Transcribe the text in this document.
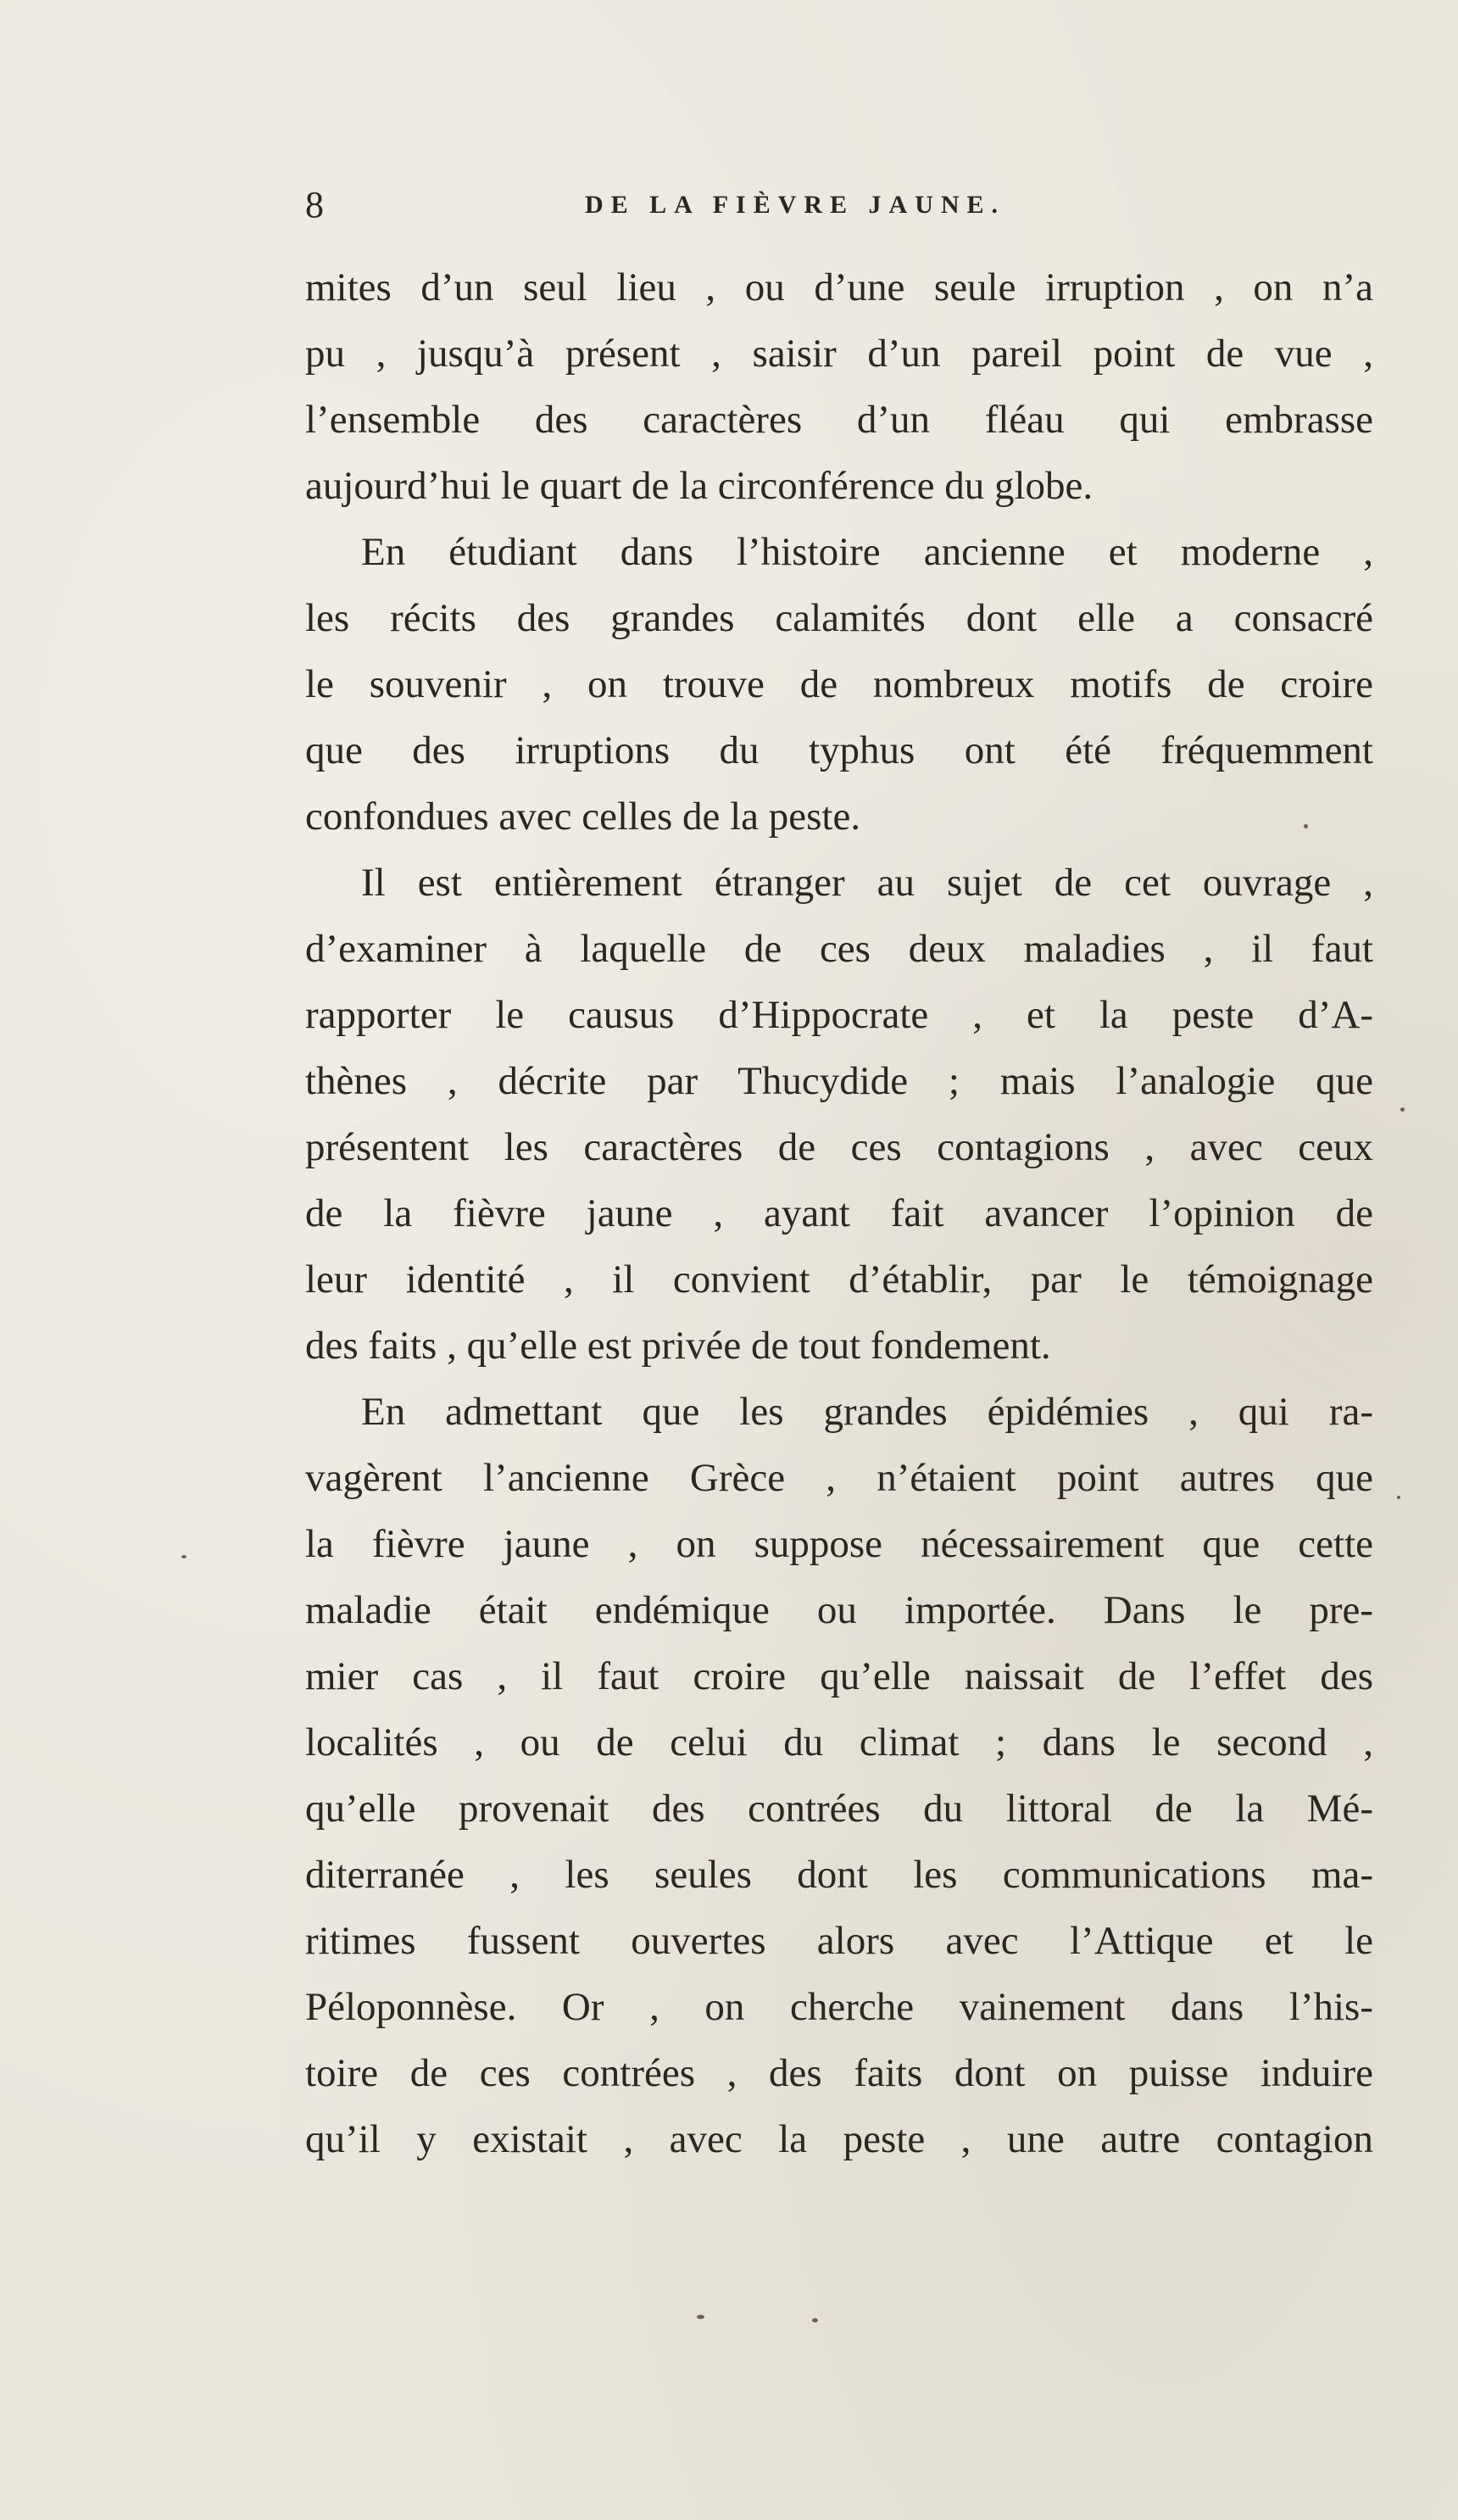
8	DE LA FIÈVRE JAUNE.
mites d’un seul lieu , ou d’une seule irruption , on n’a
pu , jusqu’à présent , saisir d’un pareil point de vue ,
l’ensemble des caractères d’un fléau qui embrasse
aujourd’hui le quart de la circonférence du globe.
En étudiant dans l’histoire ancienne et moderne ,
les récits des grandes calamités dont elle a consacré
le souvenir , on trouve de nombreux motifs de croire
que des irruptions du typhus ont été fréquemment
confondues avec celles de la peste.
Il est entièrement étranger au sujet de cet ouvrage ,
d’examiner à laquelle de ces deux maladies , il faut
rapporter le causus d’Hippocrate , et la peste d’A-
thènes , décrite par Thucydide ; mais l’analogie que
présentent les caractères de ces contagions , avec ceux
de la fièvre jaune , ayant fait avancer l’opinion de
leur identité , il convient d’établir, par le témoignage
des faits , qu’elle est privée de tout fondement.
En admettant que les grandes épidémies , qui ra-
vagèrent l’ancienne Grèce , n’étaient point autres que
la fièvre jaune , on suppose nécessairement que cette
maladie était endémique ou importée. Dans le pre-
mier cas , il faut croire qu’elle naissait de l’effet des
localités , ou de celui du climat ; dans le second ,
qu’elle provenait des contrées du littoral de la Mé-
diterranée , les seules dont les communications ma-
ritimes fussent ouvertes alors avec l’Attique et le
Péloponnèse. Or , on cherche vainement dans l’his-
toire de ces contrées , des faits dont on puisse induire
qu’il y existait , avec la peste , une autre contagion
